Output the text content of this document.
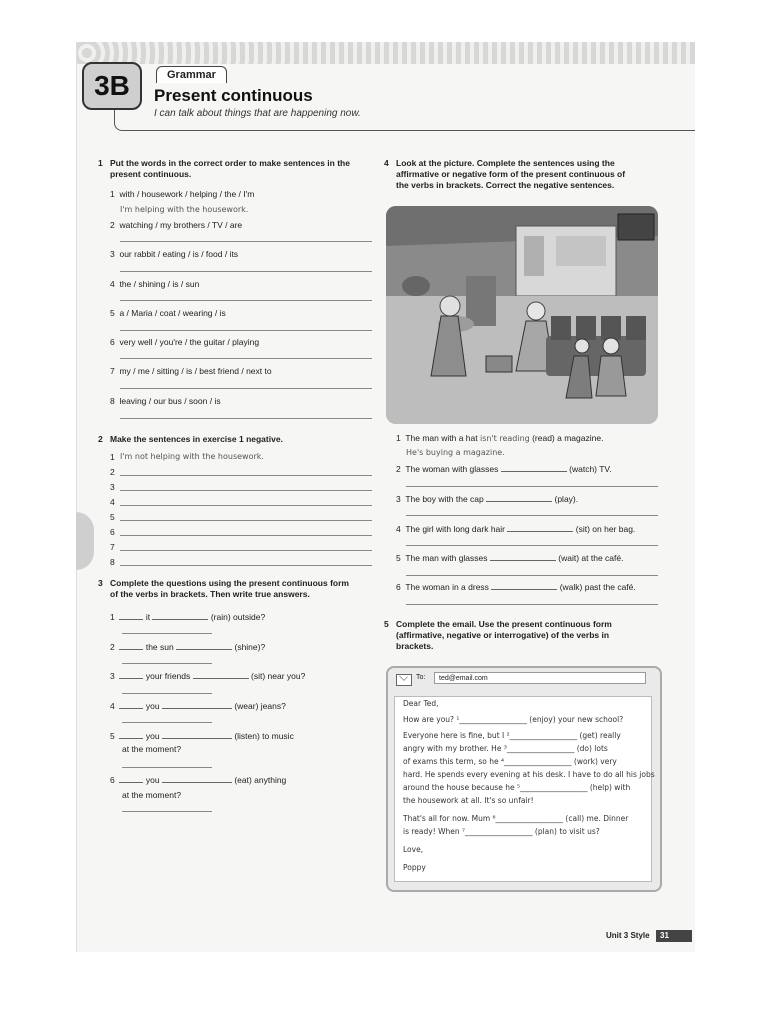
3B	Grammar
Present continuous
I can talk about things that are happening now.
1 Put the words in the correct order to make sentences in the
present continuous.
1 with / housework / helping / the / I'm
I'm helping with the housework.
2 watching / my brothers / TV / are
3 our rabbit / eating / is / food / its
4 the / shining / is / sun
5 a / Maria / coat / wearing / is
6 very well / you're / the guitar / playing
7 my / me / sitting / is / best friend / next to
8 leaving / our bus / soon / is
2 Make the sentences in exercise 1 negative.
1 I'm not helping with the housework.
2
3
4
5
6
7
8
3 Complete the questions using the present continuous form
of the verbs in brackets. Then write true answers.
1	it	(rain) outside?
2	the sun	(shine)?
3	your friends	(sit) near you?
4	you	(wear) jeans?
5	you	(listen) to music
at the moment?
6	you	(eat) anything
at the moment?
4 Look at the picture. Complete the sentences using the
affirmative or negative form of the present continuous of
the verbs in brackets. Correct the negative sentences.
1 The man with a hat isn't reading (read) a magazine.
He's buying a magazine.
2 The woman with glasses	(watch) TV.
3 The boy with the cap	(play).
4 The girl with long dark hair	(sit) on her bag.
5 The man with glasses	(wait) at the café.
6 The woman in a dress	(walk) past the café.
5 Complete the email. Use the present continuous form
(affirmative, negative or interrogative) of the verbs in
brackets.
To:	ted@email.com
Dear Ted,
How are you? ¹__________________ (enjoy) your new school?
Everyone here is fine, but I ²__________________ (get) really
angry with my brother. He ³__________________ (do) lots
of exams this term, so he ⁴__________________ (work) very
hard. He spends every evening at his desk. I have to do all his jobs
around the house because he ⁵__________________ (help) with
the housework at all. It's so unfair!
That's all for now. Mum ⁶__________________ (call) me. Dinner
is ready! When ⁷__________________ (plan) to visit us?
Love,
Poppy
Unit 3 Style	31
